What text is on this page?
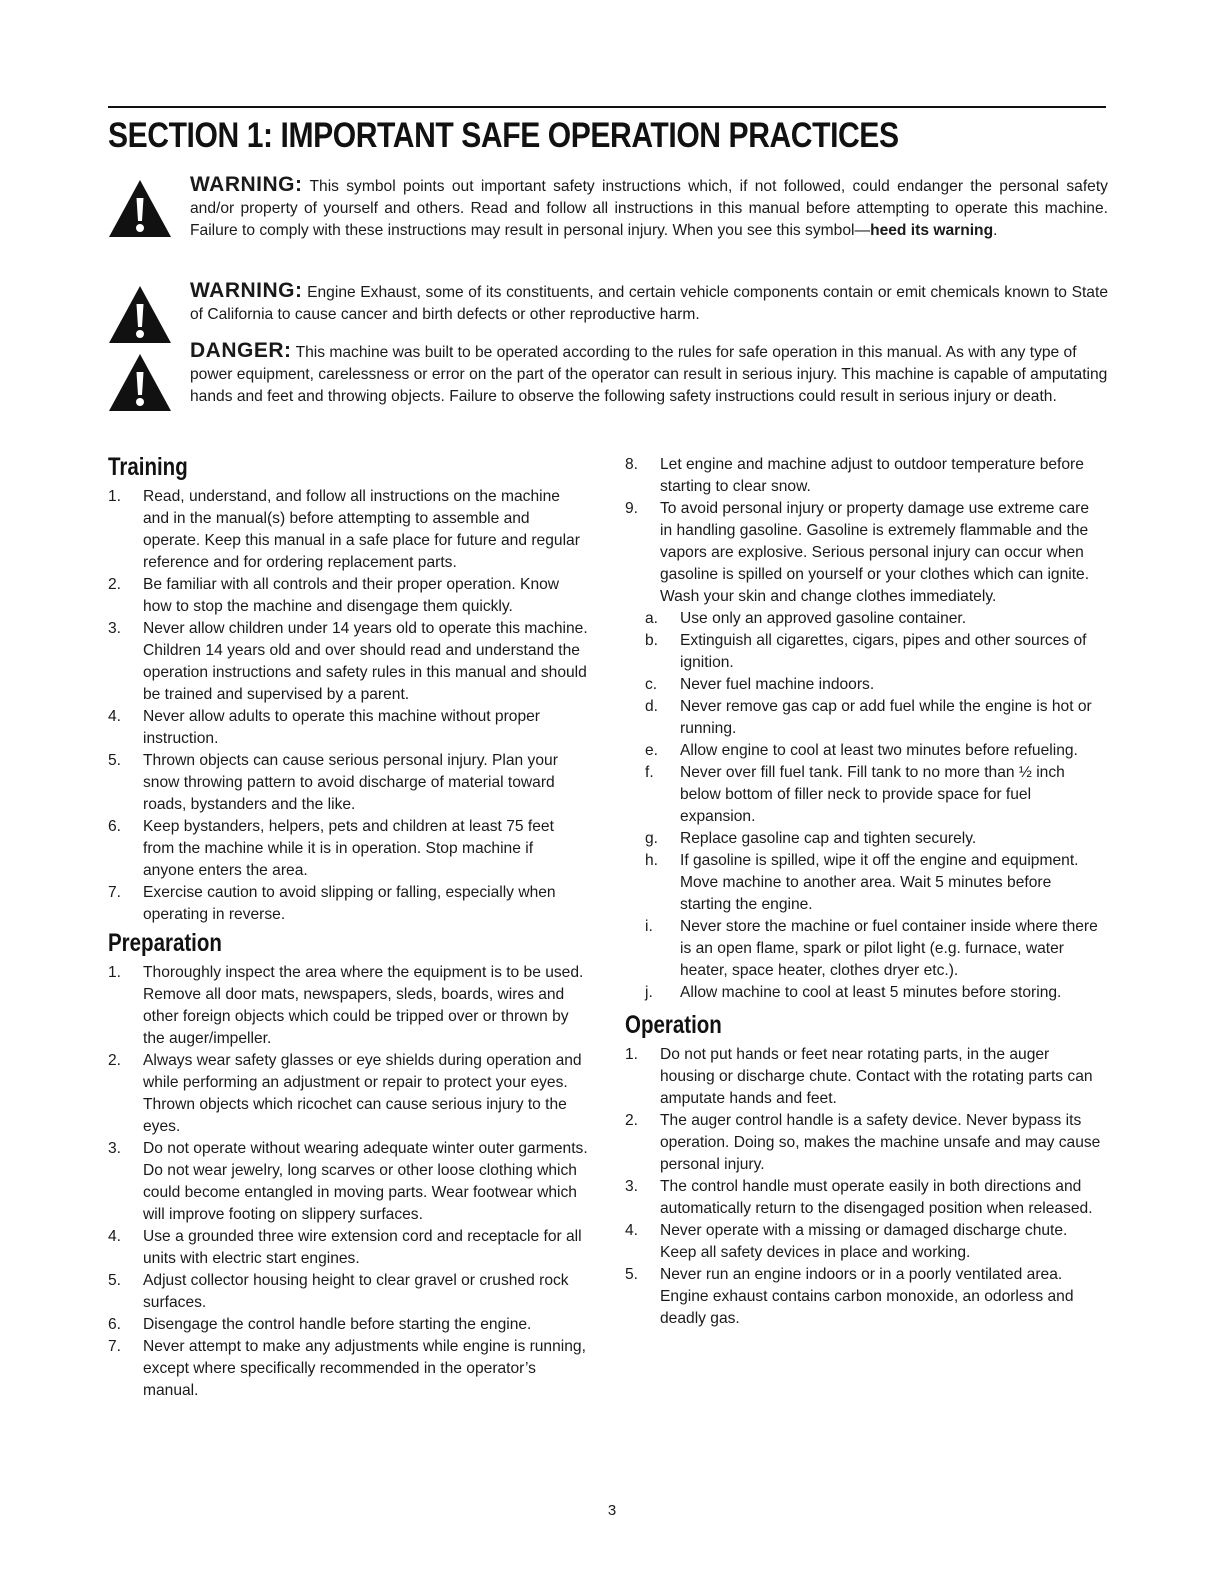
SECTION 1: IMPORTANT SAFE OPERATION PRACTICES
WARNING: This symbol points out important safety instructions which, if not followed, could endanger the personal safety and/or property of yourself and others. Read and follow all instructions in this manual before attempting to operate this machine. Failure to comply with these instructions may result in personal injury. When you see this symbol—heed its warning.
WARNING: Engine Exhaust, some of its constituents, and certain vehicle components contain or emit chemicals known to State of California to cause cancer and birth defects or other reproductive harm.
DANGER: This machine was built to be operated according to the rules for safe operation in this manual. As with any type of power equipment, carelessness or error on the part of the operator can result in serious injury. This machine is capable of amputating hands and feet and throwing objects. Failure to observe the following safety instructions could result in serious injury or death.
Training
1. Read, understand, and follow all instructions on the machine and in the manual(s) before attempting to assemble and operate. Keep this manual in a safe place for future and regular reference and for ordering replacement parts.
2. Be familiar with all controls and their proper operation. Know how to stop the machine and disengage them quickly.
3. Never allow children under 14 years old to operate this machine. Children 14 years old and over should read and understand the operation instructions and safety rules in this manual and should be trained and supervised by a parent.
4. Never allow adults to operate this machine without proper instruction.
5. Thrown objects can cause serious personal injury. Plan your snow throwing pattern to avoid discharge of material toward roads, bystanders and the like.
6. Keep bystanders, helpers, pets and children at least 75 feet from the machine while it is in operation. Stop machine if anyone enters the area.
7. Exercise caution to avoid slipping or falling, especially when operating in reverse.
Preparation
1. Thoroughly inspect the area where the equipment is to be used. Remove all door mats, newspapers, sleds, boards, wires and other foreign objects which could be tripped over or thrown by the auger/impeller.
2. Always wear safety glasses or eye shields during operation and while performing an adjustment or repair to protect your eyes. Thrown objects which ricochet can cause serious injury to the eyes.
3. Do not operate without wearing adequate winter outer garments. Do not wear jewelry, long scarves or other loose clothing which could become entangled in moving parts. Wear footwear which will improve footing on slippery surfaces.
4. Use a grounded three wire extension cord and receptacle for all units with electric start engines.
5. Adjust collector housing height to clear gravel or crushed rock surfaces.
6. Disengage the control handle before starting the engine.
7. Never attempt to make any adjustments while engine is running, except where specifically recommended in the operator’s manual.
8. Let engine and machine adjust to outdoor temperature before starting to clear snow.
9. To avoid personal injury or property damage use extreme care in handling gasoline. Gasoline is extremely flammable and the vapors are explosive. Serious personal injury can occur when gasoline is spilled on yourself or your clothes which can ignite. Wash your skin and change clothes immediately.
a. Use only an approved gasoline container.
b. Extinguish all cigarettes, cigars, pipes and other sources of ignition.
c. Never fuel machine indoors.
d. Never remove gas cap or add fuel while the engine is hot or running.
e. Allow engine to cool at least two minutes before refueling.
f. Never over fill fuel tank. Fill tank to no more than ½ inch below bottom of filler neck to provide space for fuel expansion.
g. Replace gasoline cap and tighten securely.
h. If gasoline is spilled, wipe it off the engine and equipment. Move machine to another area. Wait 5 minutes before starting the engine.
i. Never store the machine or fuel container inside where there is an open flame, spark or pilot light (e.g. furnace, water heater, space heater, clothes dryer etc.).
j. Allow machine to cool at least 5 minutes before storing.
Operation
1. Do not put hands or feet near rotating parts, in the auger housing or discharge chute. Contact with the rotating parts can amputate hands and feet.
2. The auger control handle is a safety device. Never bypass its operation. Doing so, makes the machine unsafe and may cause personal injury.
3. The control handle must operate easily in both directions and automatically return to the disengaged position when released.
4. Never operate with a missing or damaged discharge chute. Keep all safety devices in place and working.
5. Never run an engine indoors or in a poorly ventilated area. Engine exhaust contains carbon monoxide, an odorless and deadly gas.
3
